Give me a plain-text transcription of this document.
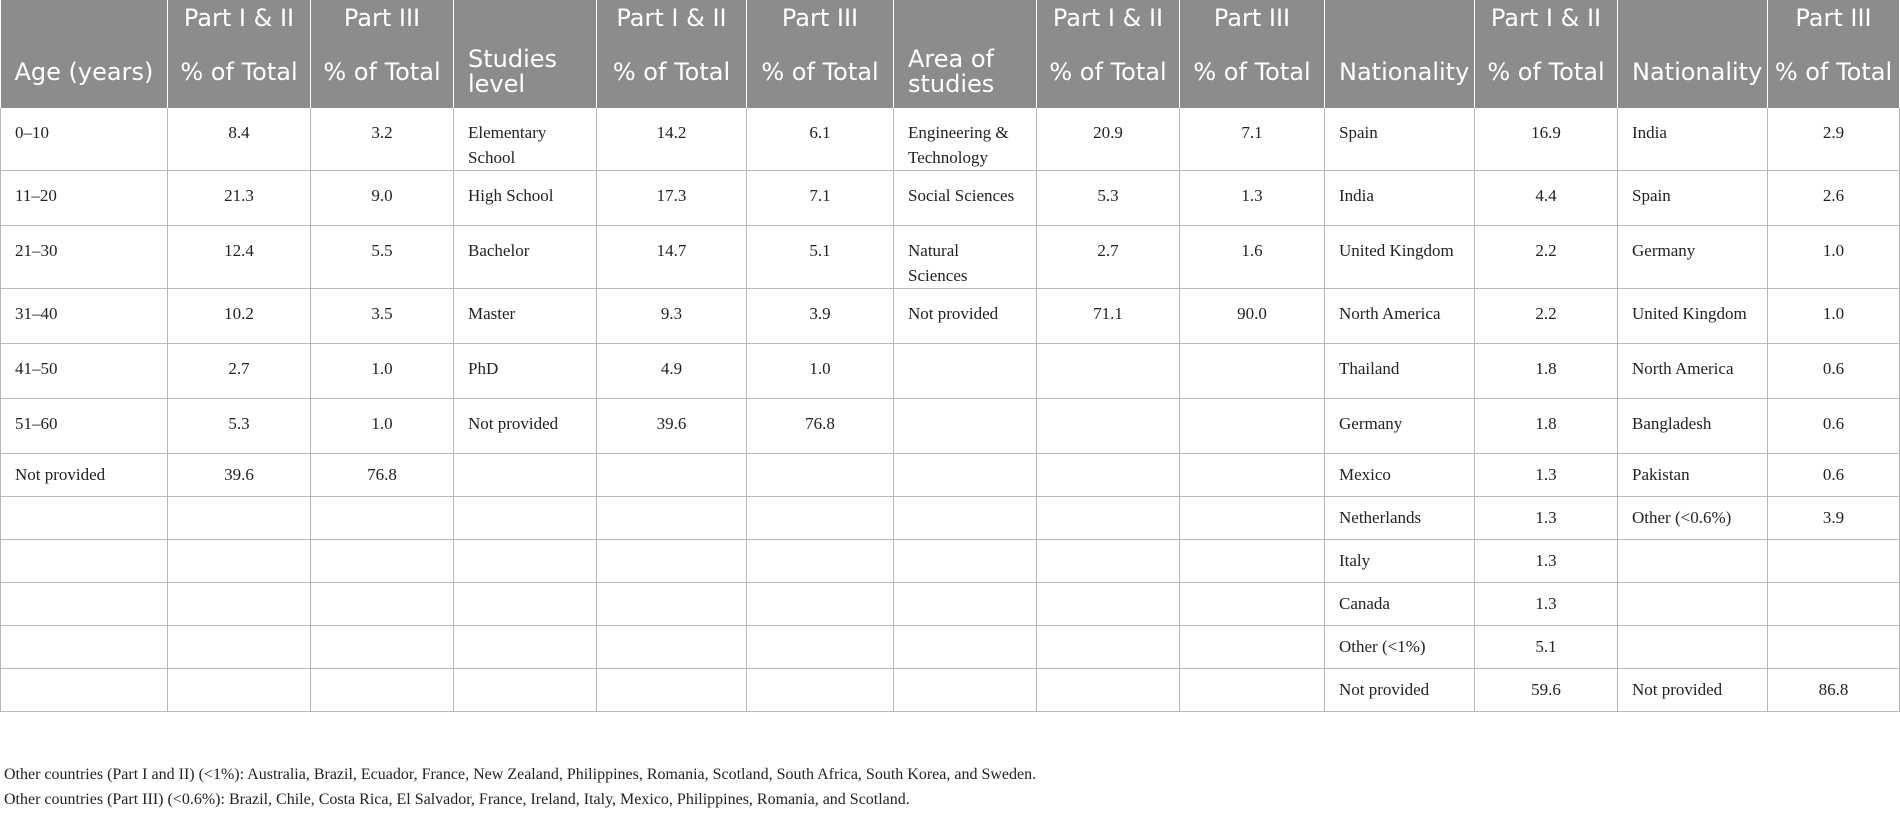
	Part I & II	Part III		Part I & II	Part III		Part I & II	Part III		Part I & II		Part III
Age (years)	% of Total	% of Total	Studies level	% of Total	% of Total	Area of studies	% of Total	% of Total	Nationality	% of Total	Nationality	% of Total
0–10	8.4	3.2	Elementary School	14.2	6.1	Engineering & Technology	20.9	7.1	Spain	16.9	India	2.9
11–20	21.3	9.0	High School	17.3	7.1	Social Sciences	5.3	1.3	India	4.4	Spain	2.6
21–30	12.4	5.5	Bachelor	14.7	5.1	Natural Sciences	2.7	1.6	United Kingdom	2.2	Germany	1.0
31–40	10.2	3.5	Master	9.3	3.9	Not provided	71.1	90.0	North America	2.2	United Kingdom	1.0
41–50	2.7	1.0	PhD	4.9	1.0				Thailand	1.8	North America	0.6
51–60	5.3	1.0	Not provided	39.6	76.8				Germany	1.8	Bangladesh	0.6
Not provided	39.6	76.8							Mexico	1.3	Pakistan	0.6
									Netherlands	1.3	Other (<0.6%)	3.9
									Italy	1.3		
									Canada	1.3		
									Other (<1%)	5.1		
									Not provided	59.6	Not provided	86.8

Other countries (Part I and II) (<1%): Australia, Brazil, Ecuador, France, New Zealand, Philippines, Romania, Scotland, South Africa, South Korea, and Sweden.

Other countries (Part III) (<0.6%): Brazil, Chile, Costa Rica, El Salvador, France, Ireland, Italy, Mexico, Philippines, Romania, and Scotland.
